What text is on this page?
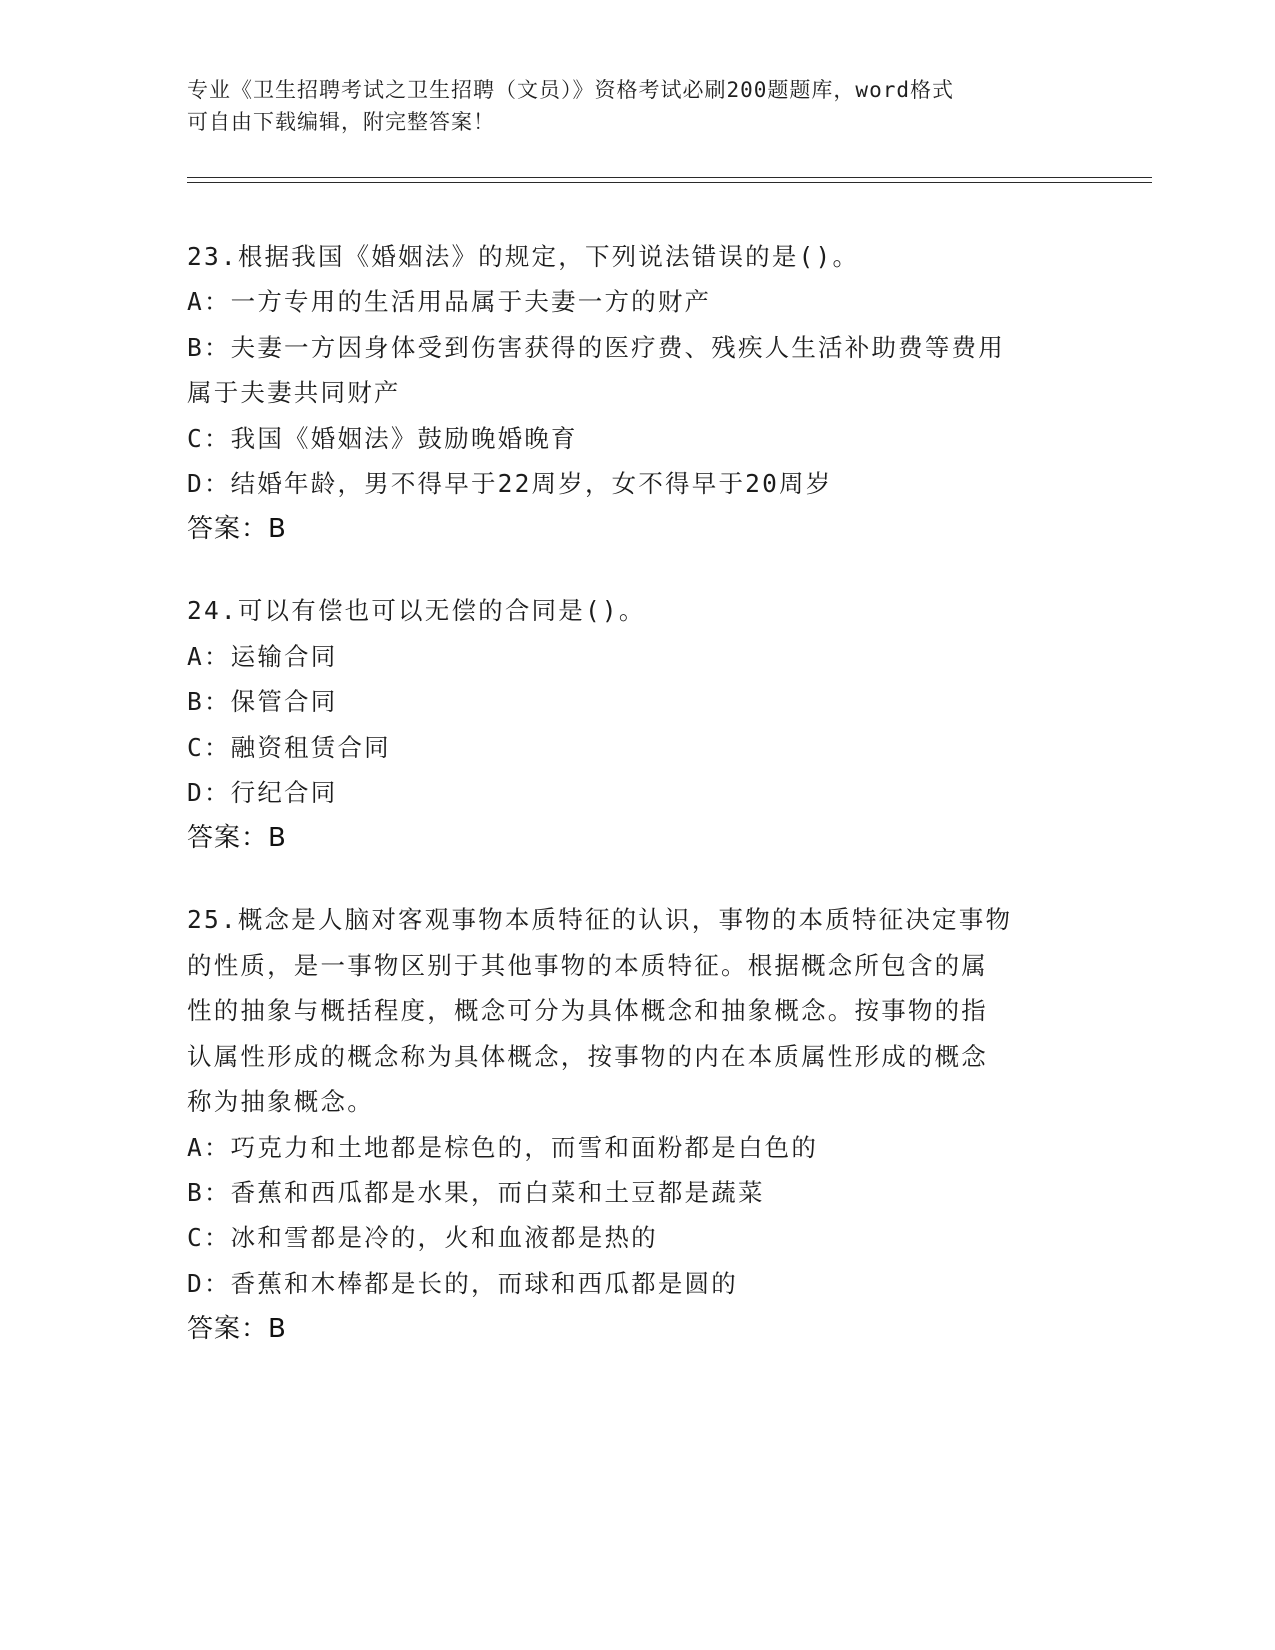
专业《卫生招聘考试之卫生招聘（文员）》资格考试必刷200题题库，word格式
可自由下载编辑，附完整答案！
23.根据我国《婚姻法》的规定，下列说法错误的是()。
A：一方专用的生活用品属于夫妻一方的财产
B：夫妻一方因身体受到伤害获得的医疗费、残疾人生活补助费等费用
属于夫妻共同财产
C：我国《婚姻法》鼓励晚婚晚育
D：结婚年龄，男不得早于22周岁，女不得早于20周岁
答案：B
24.可以有偿也可以无偿的合同是()。
A：运输合同
B：保管合同
C：融资租赁合同
D：行纪合同
答案：B
25.概念是人脑对客观事物本质特征的认识，事物的本质特征决定事物
的性质，是一事物区别于其他事物的本质特征。根据概念所包含的属
性的抽象与概括程度，概念可分为具体概念和抽象概念。按事物的指
认属性形成的概念称为具体概念，按事物的内在本质属性形成的概念
称为抽象概念。
A：巧克力和土地都是棕色的，而雪和面粉都是白色的
B：香蕉和西瓜都是水果，而白菜和土豆都是蔬菜
C：冰和雪都是冷的，火和血液都是热的
D：香蕉和木棒都是长的，而球和西瓜都是圆的
答案：B
